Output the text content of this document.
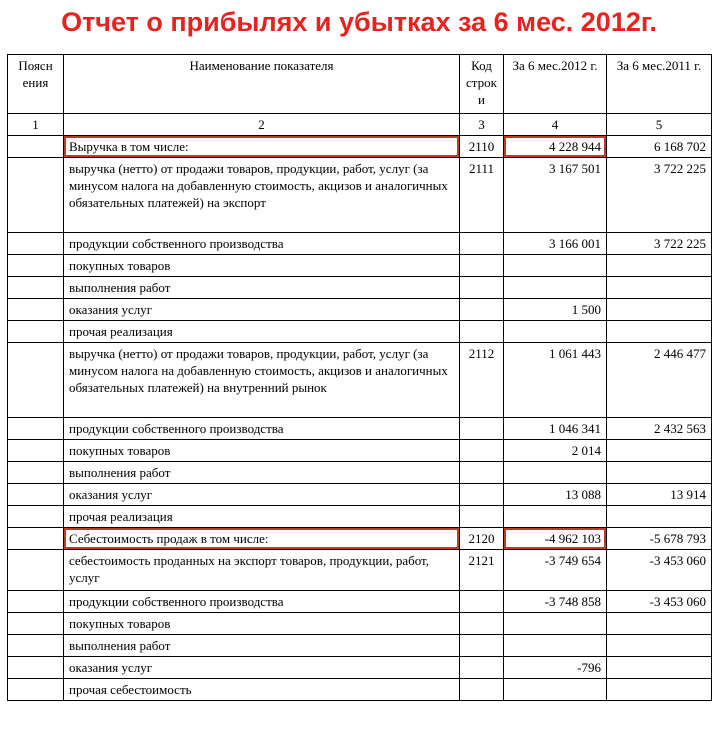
Отчет о прибылях и убытках за 6 мес. 2012г.
Поясн ения	Наименование показателя	Код строк и	За 6 мес.2012 г.	За 6 мес.2011 г.
1	2	3	4	5
	Выручка в том числе:	2110	4 228 944	6 168 702
	выручка (нетто) от продажи товаров, продукции, работ, услуг (за минусом налога на добавленную стоимость, акцизов и аналогичных обязательных платежей) на экспорт	2111	3 167 501	3 722 225
	продукции собственного производства		3 166 001	3 722 225
	покупных товаров			
	выполнения работ			
	оказания услуг		1 500	
	прочая реализация			
	выручка (нетто) от продажи товаров, продукции, работ, услуг (за минусом налога на добавленную стоимость, акцизов и аналогичных обязательных платежей) на внутренний рынок	2112	1 061 443	2 446 477
	продукции собственного производства		1 046 341	2 432 563
	покупных товаров		2 014	
	выполнения работ			
	оказания услуг		13 088	13 914
	прочая реализация			
	Себестоимость продаж в том числе:	2120	-4 962 103	-5 678 793
	себестоимость проданных на экспорт товаров, продукции, работ, услуг	2121	-3 749 654	-3 453 060
	продукции собственного производства		-3 748 858	-3 453 060
	покупных товаров			
	выполнения работ			
	оказания услуг		-796	
	прочая себестоимость			
